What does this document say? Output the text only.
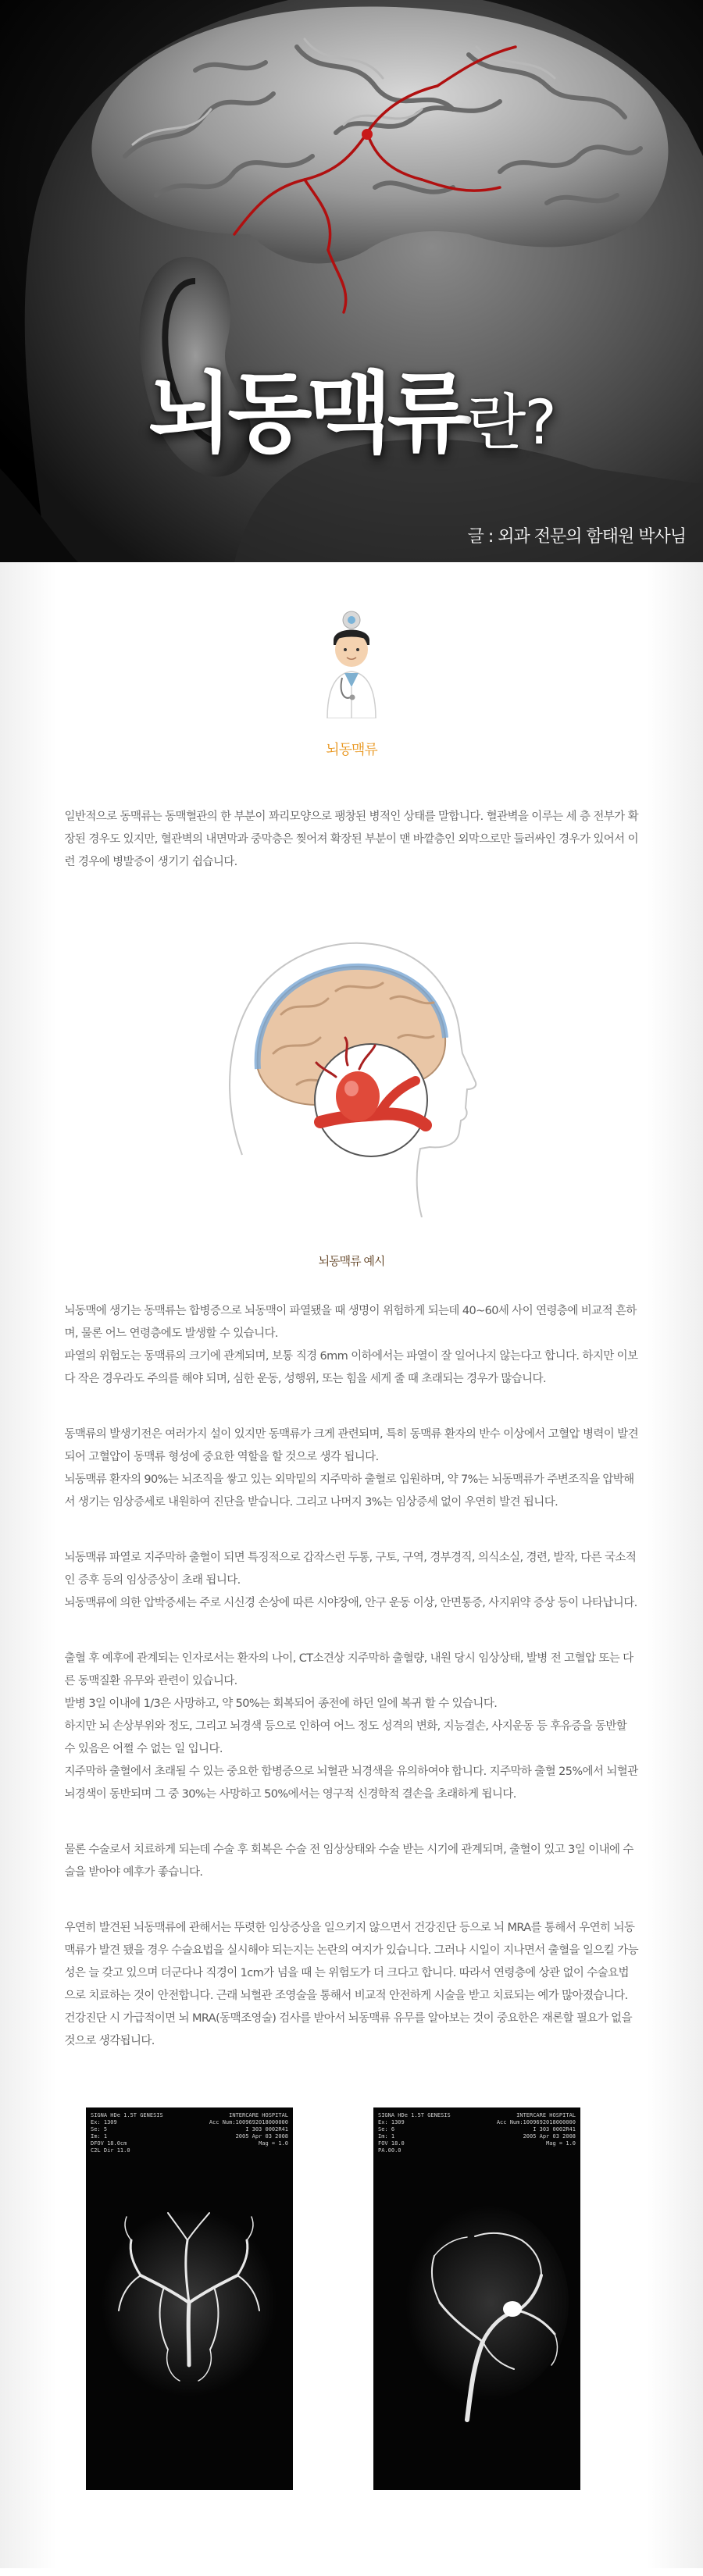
뇌동맥류란?
글 : 외과 전문의 함태원 박사님
뇌동맥류
일반적으로 동맥류는 동맥혈관의 한 부분이 꽈리모양으로 팽창된 병적인 상태를 말합니다. 혈관벽을 이루는 세 층 전부가 확장된 경우도 있지만, 혈관벽의 내면막과 중막층은 찢어져 확장된 부분이 맨 바깥층인 외막으로만 둘러싸인 경우가 있어서 이런 경우에 병발증이 생기기 쉽습니다.
뇌동맥류 예시

뇌동맥에 생기는 동맥류는 합병증으로 뇌동맥이 파열됐을 때 생명이 위험하게 되는데 40~60세 사이 연령층에 비교적 흔하며, 물론 어느 연령층에도 발생할 수 있습니다.

파열의 위험도는 동맥류의 크기에 관계되며, 보통 직경 6mm 이하에서는 파열이 잘 일어나지 않는다고 합니다. 하지만 이보다 작은 경우라도 주의를 해야 되며, 심한 운동, 성행위, 또는 힘을 세게 줄 때 초래되는 경우가 많습니다.

동맥류의 발생기전은 여러가지 설이 있지만 동맥류가 크게 관련되며, 특히 동맥류 환자의 반수 이상에서 고혈압 병력이 발견되어 고혈압이 동맥류 형성에 중요한 역할을 할 것으로 생각 됩니다.

뇌동맥류 환자의 90%는 뇌조직을 쌓고 있는 외막밑의 지주막하 출혈로 입원하며, 약 7%는 뇌동맥류가 주변조직을 압박해서 생기는 임상증세로 내원하여 진단을 받습니다. 그리고 나머지 3%는 임상증세 없이 우연히 발견 됩니다.

뇌동맥류 파열로 지주막하 출혈이 되면 특징적으로 갑작스런 두통, 구토, 구역, 경부경직, 의식소실, 경련, 발작, 다른 국소적인 증후 등의 임상증상이 초래 됩니다.

뇌동맥류에 의한 압박증세는 주로 시신경 손상에 따른 시야장애, 안구 운동 이상, 안면통증, 사지위약 증상 등이 나타납니다.

출혈 후 예후에 관계되는 인자로서는 환자의 나이, CT소견상 지주막하 출혈량, 내원 당시 임상상태, 발병 전 고혈압 또는 다른 동맥질환 유무와 관련이 있습니다.

발병 3일 이내에 1/3은 사망하고, 약 50%는 회복되어 종전에 하던 일에 복귀 할 수 있습니다.

하지만 뇌 손상부위와 정도, 그리고 뇌경색 등으로 인하여 어느 정도 성격의 변화, 지능결손, 사지운동 등 후유증을 동반할 수 있음은 어쩔 수 없는 일 입니다.

지주막하 출혈에서 초래될 수 있는 중요한 합병증으로 뇌혈관 뇌경색을 유의하여야 합니다. 지주막하 출혈 25%에서 뇌혈관 뇌경색이 동반되며 그 중 30%는 사망하고 50%에서는 영구적 신경학적 결손을 초래하게 됩니다.

물론 수술로서 치료하게 되는데 수술 후 회복은 수술 전 임상상태와 수술 받는 시기에 관계되며, 출혈이 있고 3일 이내에 수술을 받아야 예후가 좋습니다.

우연히 발견된 뇌동맥류에 관해서는 뚜렷한 임상증상을 일으키지 않으면서 건강진단 등으로 뇌 MRA를 통해서 우연히 뇌동맥류가 발견 됐을 경우 수술요법을 실시해야 되는지는 논란의 여지가 있습니다. 그러나 시일이 지나면서 출혈을 일으킬 가능성은 늘 갖고 있으며 더군다나 직경이 1cm가 넘을 때 는 위험도가 더 크다고 합니다. 따라서 연령층에 상관 없이 수술요법으로 치료하는 것이 안전합니다. 근래 뇌혈관 조영술을 통해서 비교적 안전하게 시술을 받고 치료되는 예가 많아졌습니다. 건강진단 시 가급적이면 뇌 MRA(동맥조영술) 검사를 받아서 뇌동맥류 유무를 알아보는 것이 중요한은 재론할 필요가 없을 것으로 생각됩니다.

SIGNA HDe 1.5T GENESIS
Ex: 1309
Se: 5
Im: 1
DFOV 18.0cm
C2L Dir 11.0
INTERCARE HOSPITAL
Acc Num:1009692018000000
I 303 0002R41
2005 Apr 03 2008
Mag = 1.0
SIGNA HDe 1.5T GENESIS
Ex: 1309
Se: 6
Im: 1
FOV 18.0
PA.00.0
INTERCARE HOSPITAL
Acc Num:1009692018000000
I 303 0002R41
2005 Apr 03 2008
Mag = 1.0
